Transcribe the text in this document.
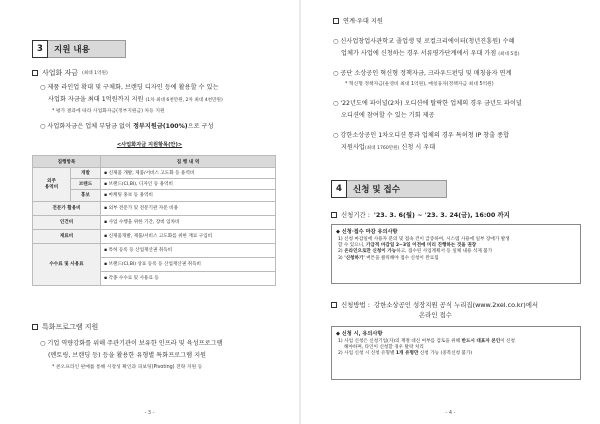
3	지원 내용
사업화 자금 (최대 1억원)
○ 제품 라인업 확대 및 구체화, 브랜딩 디자인 등에 활용할 수 있는
사업화 자금을 최대 1억원까지 지원 (1차 최대 6천만원, 2차 최대 4천만원)
* 평가 결과에 따라 사업화자금(정부지원금) 차등 지원
○ 사업화자금은 업체 부담금 없이 정부지원금(100%)으로 구성
<사업화자금 지원항목(안)>
집행항목		집 행 내 역
외주
용역비	개발	▪ 신제품 개발, 제품/서비스 고도화 등 용역비
	브랜드	▪ 브랜드(CI,BI), 디자인 등 용역비
	홍보	▪ 마케팅 홍보 등 용역비
전문가 활용비		▪ 외부 전문가 및 전문기관 자문 비용
인건비		▪ 사업 수행을 위한 기간, 장비 임차비
재료비		▪ 신제품개발, 제품/서비스 고도화를 위한 재료 구입비
수수료 및 사용료		▪ 특허 등록 등 산업재산권 취득비
		▪ 브랜드(CI,BI) 상표 등록 등 산업재산권 취득비
		▪ 각종 수수료 및 사용료 등
특화프로그램 지원
○ 기업 역량강화를 위해 주관기관이 보유한 인프라 및 육성프로그램
(멘토링, 브랜딩 등) 등을 활용한 유형별 특화프로그램 지원
* 콘오프라인 판매를 통해 시장성 확인과 피보팅(Pivoting) 전략 지원 등
- 3 -
연계·우대 지원
○ 신사업창업사관학교 졸업생 및 로컬크리에이터(청년진흥원) 수혜
업체가 사업에 신청하는 경우 서류평가단계에서 우대 가점 (최대 5점)
○ 공단 소상공인 혁신형 정책자금, 크라우드펀딩 및 매칭융자 연계
* 혁신형 정책자금(운영비 최대 1억원), 매칭융자(정책자금 최대 5억원)
○ '22년도에 파이널(2차) 오디션에 탈락한 업체의 경우 금년도 파이널
오디션에 참여할 수 있는 기회 제공
○ 강한소상공인 1차오디션 통과 업체의 경우 특허청 IP 창출 종합
지원사업(최대 1760만원) 신청 시 우대
4	신청 및 접수
신청기간 : '23. 3. 6(월) ~ '23. 3. 24(금), 16:00 까지
◆ 신청·접수 마감 유의사항
1) 신청 마감일에 사용자 분의 및 접속 건이 급증하여, 시스템 사용에 일부 장애가 발생
할 수 있으니, 가급적 마감일 2~3일 이전에 미리 진행하는 것을 권장
2) 온라인으로만 신청이 가능하고, 접수된 사업계획서 등 일체 내용 석제 불가
3) '신청하기' 버튼을 클릭해야 접수 신청이 완료됨
신청방법 : 강한소상공인 성장지원 공식 누리집(www.2xel.co.kr)에서
온라인 접수
◆ 신청 시, 유의사항
1) 사업 신청은 신청기업(자)의 계정 대신 여부를 검토을 위해 반드시 대표자 본인이 신청
해야하며, 타인이 신청할 경우 탈락 처리
2) 사업 신청 시 신청 유형별 1개 유형만 신청 가능 (중복신청 불가)
- 4 -
